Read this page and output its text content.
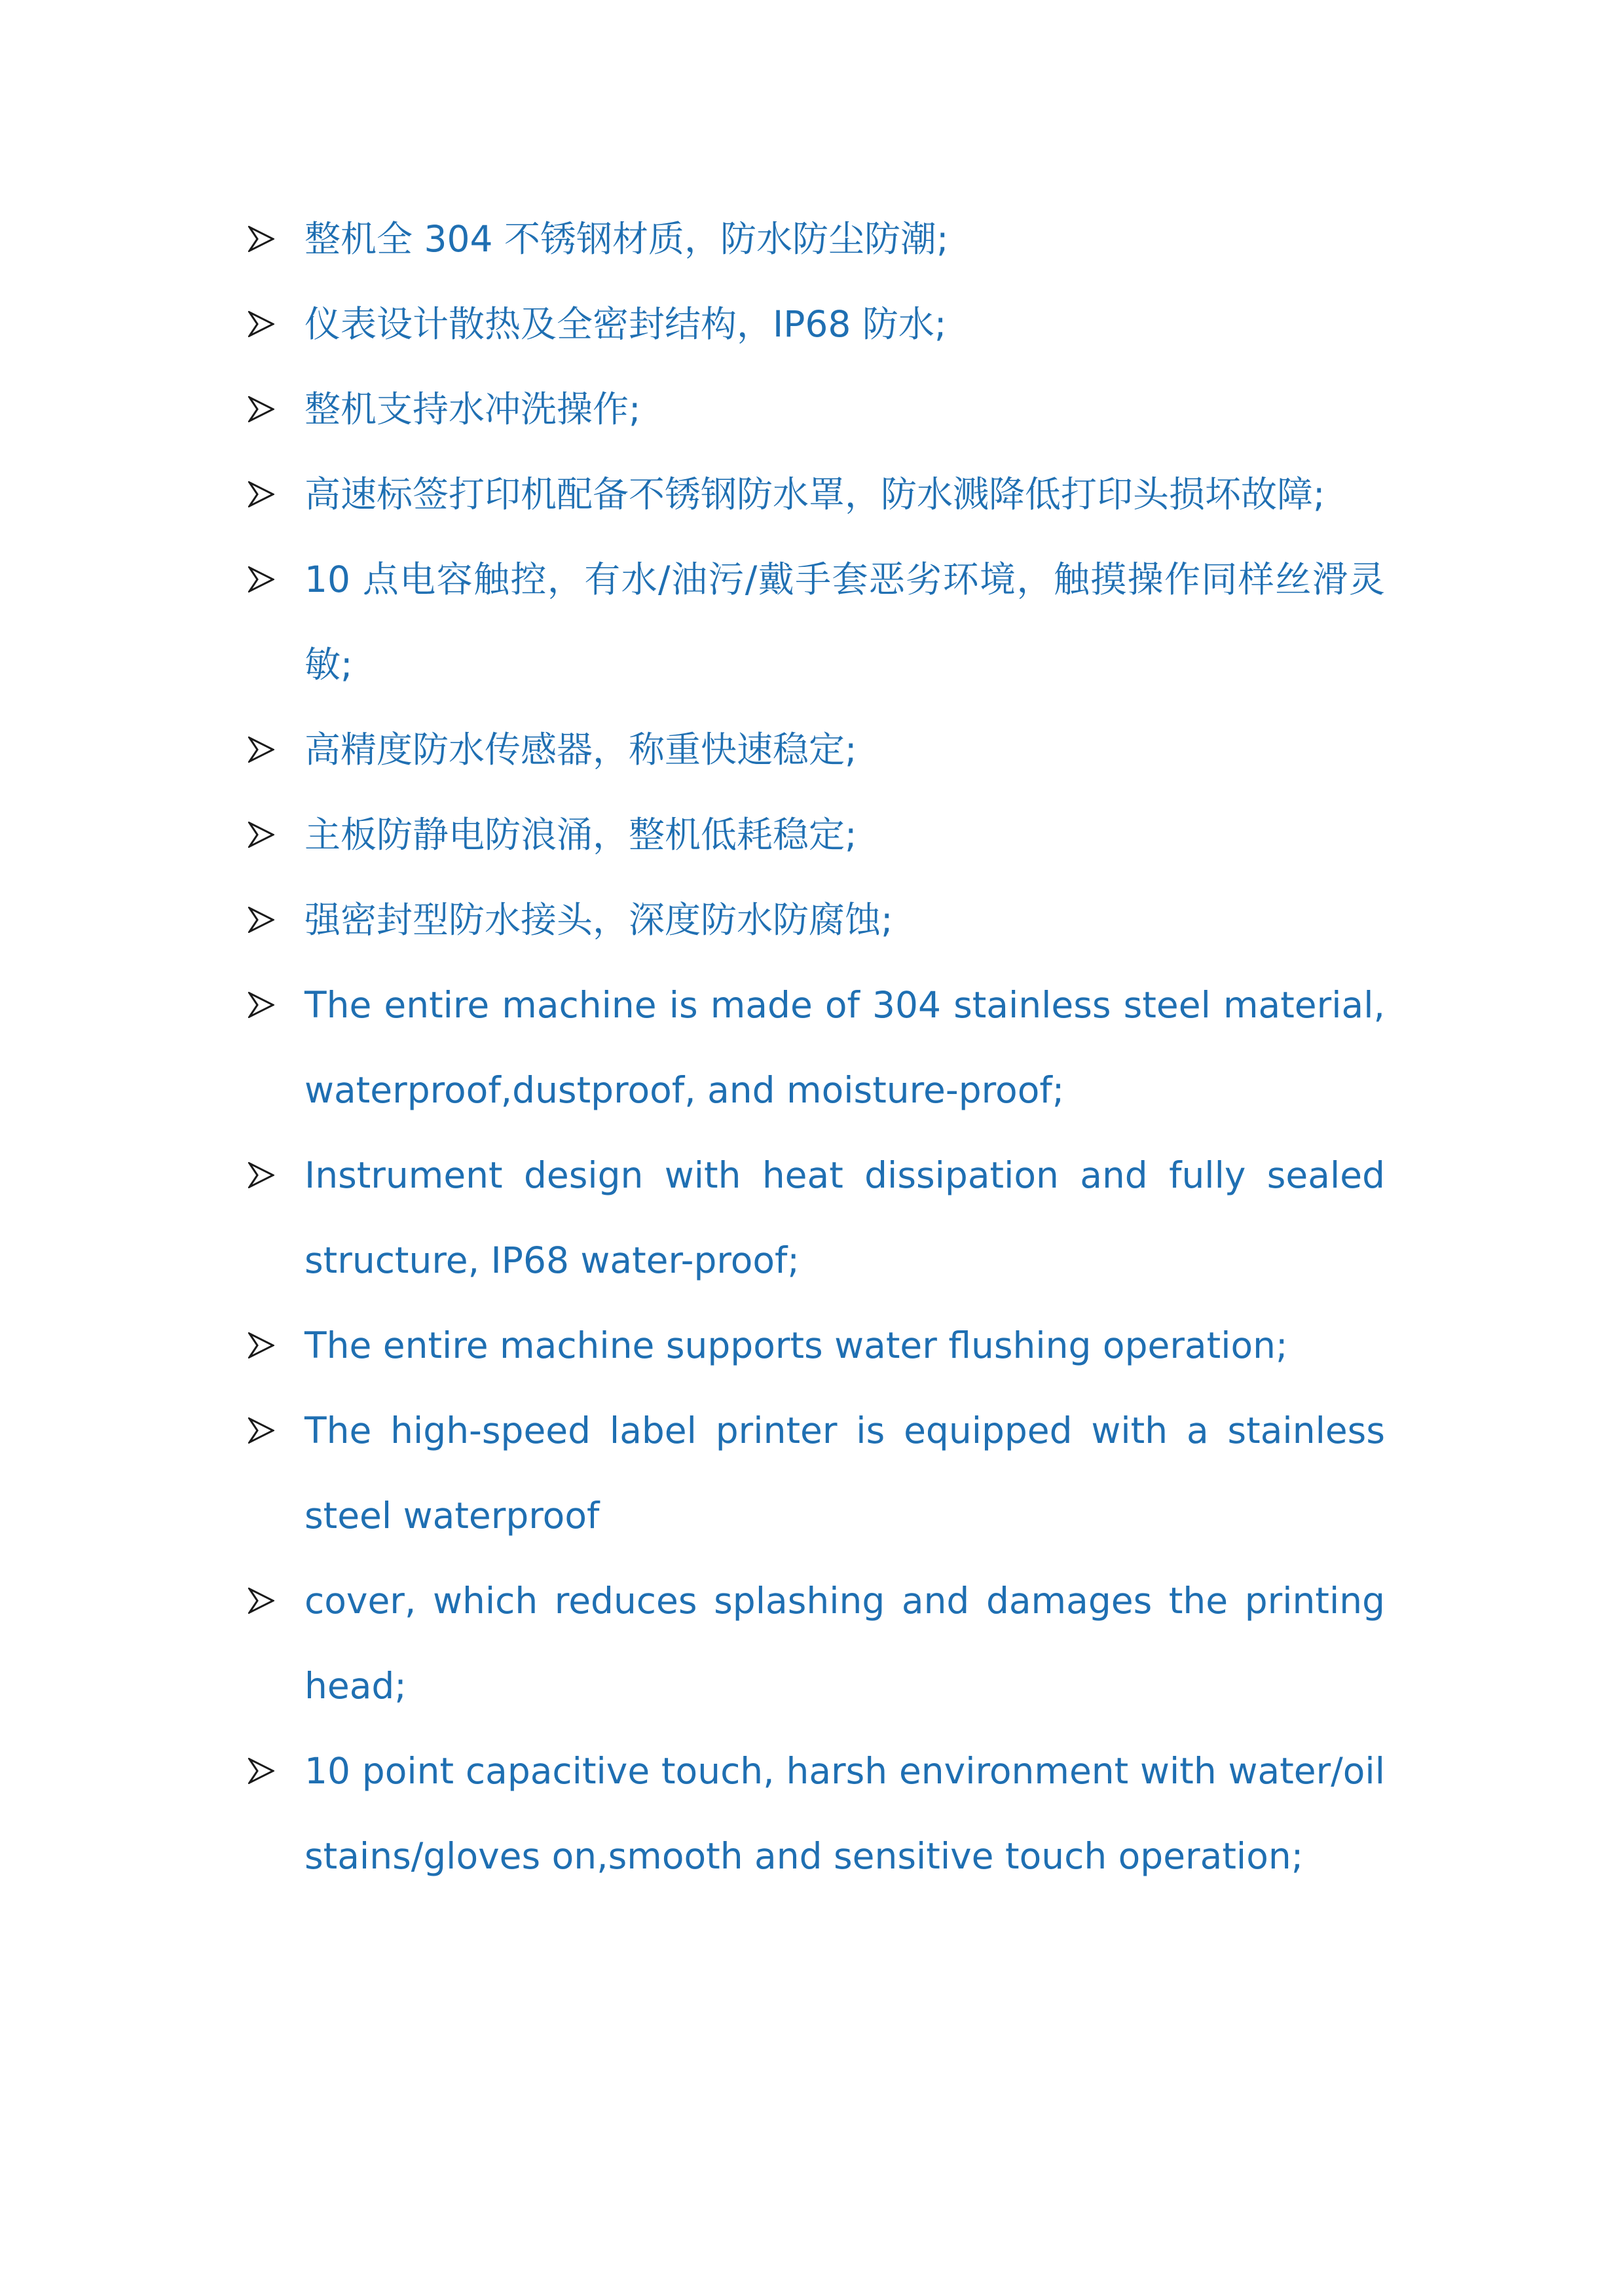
整机全 304 不锈钢材质，防水防尘防潮;
仪表设计散热及全密封结构，IP68 防水;
整机支持水冲洗操作;
高速标签打印机配备不锈钢防水罩，防水溅降低打印头损坏故障;
10 点电容触控，有水/油污/戴手套恶劣环境，触摸操作同样丝滑灵敏;
高精度防水传感器，称重快速稳定;
主板防静电防浪涌，整机低耗稳定;
强密封型防水接头，深度防水防腐蚀;
The entire machine is made of 304 stainless steel material, waterproof,dustproof, and moisture-proof;
Instrument design with heat dissipation and fully sealed structure, IP68 water-proof;
The entire machine supports water flushing operation;
The high-speed label printer is equipped with a stainless steel waterproof
cover, which reduces splashing and damages the printing head;
10 point capacitive touch, harsh environment with water/oil stains/gloves on,smooth and sensitive touch operation;
